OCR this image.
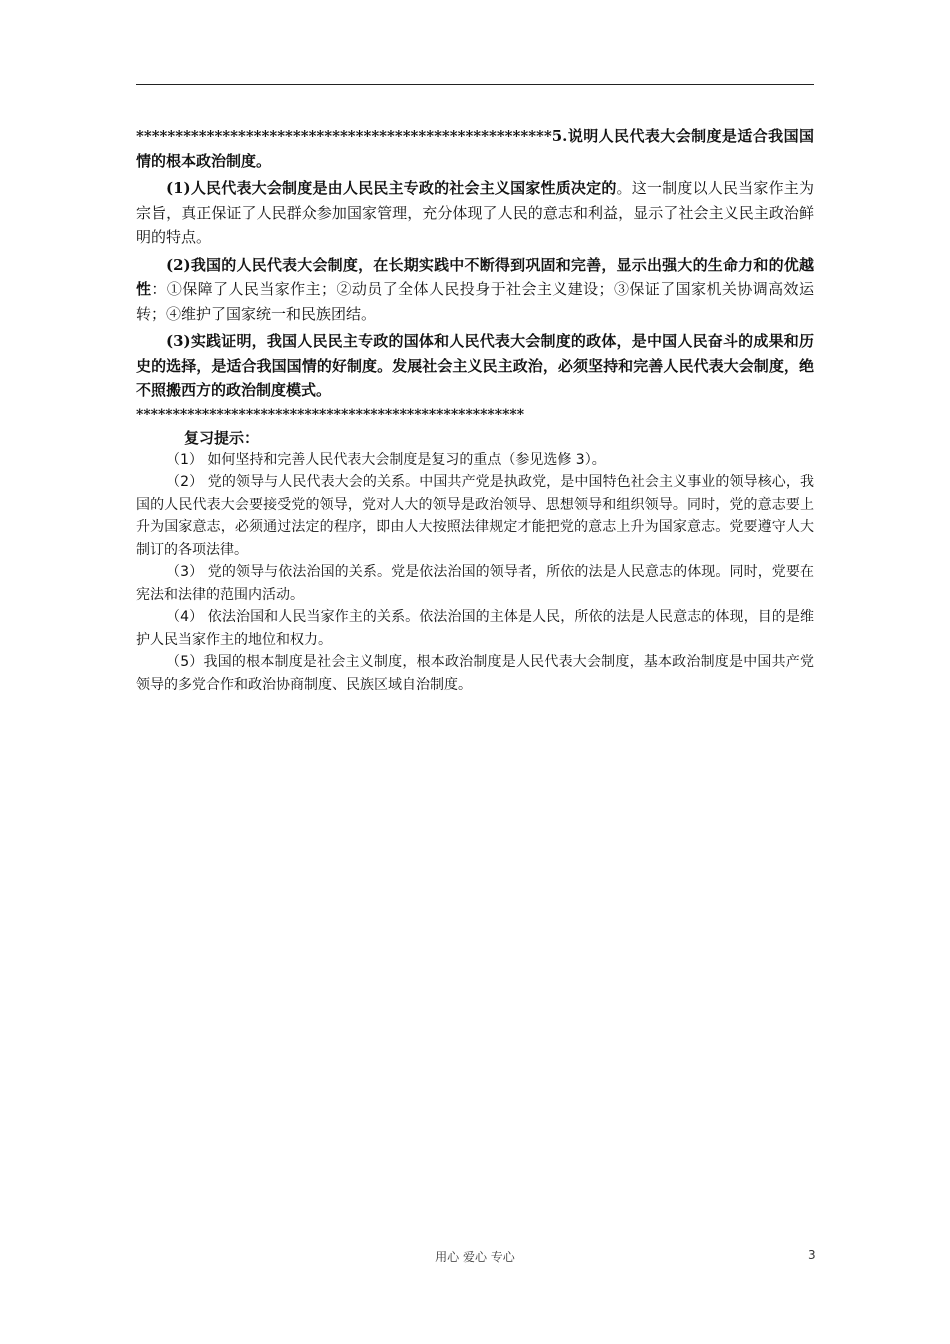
*****************************************************5.说明人民代表大会制度是适合我国国情的根本政治制度。

(1)人民代表大会制度是由人民民主专政的社会主义国家性质决定的。这一制度以人民当家作主为宗旨，真正保证了人民群众参加国家管理，充分体现了人民的意志和利益，显示了社会主义民主政治鲜明的特点。

(2)我国的人民代表大会制度，在长期实践中不断得到巩固和完善，显示出强大的生命力和的优越性：①保障了人民当家作主；②动员了全体人民投身于社会主义建设；③保证了国家机关协调高效运转；④维护了国家统一和民族团结。

(3)实践证明，我国人民民主专政的国体和人民代表大会制度的政体，是中国人民奋斗的成果和历史的选择，是适合我国国情的好制度。发展社会主义民主政治，必须坚持和完善人民代表大会制度，绝不照搬西方的政治制度模式。

*****************************************************

复习提示：

（1） 如何坚持和完善人民代表大会制度是复习的重点（参见选修 3）。

（2） 党的领导与人民代表大会的关系。中国共产党是执政党，是中国特色社会主义事业的领导核心，我国的人民代表大会要接受党的领导，党对人大的领导是政治领导、思想领导和组织领导。同时，党的意志要上升为国家意志，必须通过法定的程序，即由人大按照法律规定才能把党的意志上升为国家意志。党要遵守人大制订的各项法律。

（3） 党的领导与依法治国的关系。党是依法治国的领导者，所依的法是人民意志的体现。同时，党要在宪法和法律的范围内活动。

（4） 依法治国和人民当家作主的关系。依法治国的主体是人民，所依的法是人民意志的体现，目的是维护人民当家作主的地位和权力。

（5）我国的根本制度是社会主义制度，根本政治制度是人民代表大会制度，基本政治制度是中国共产党领导的多党合作和政治协商制度、民族区域自治制度。

用心 爱心 专心	3
